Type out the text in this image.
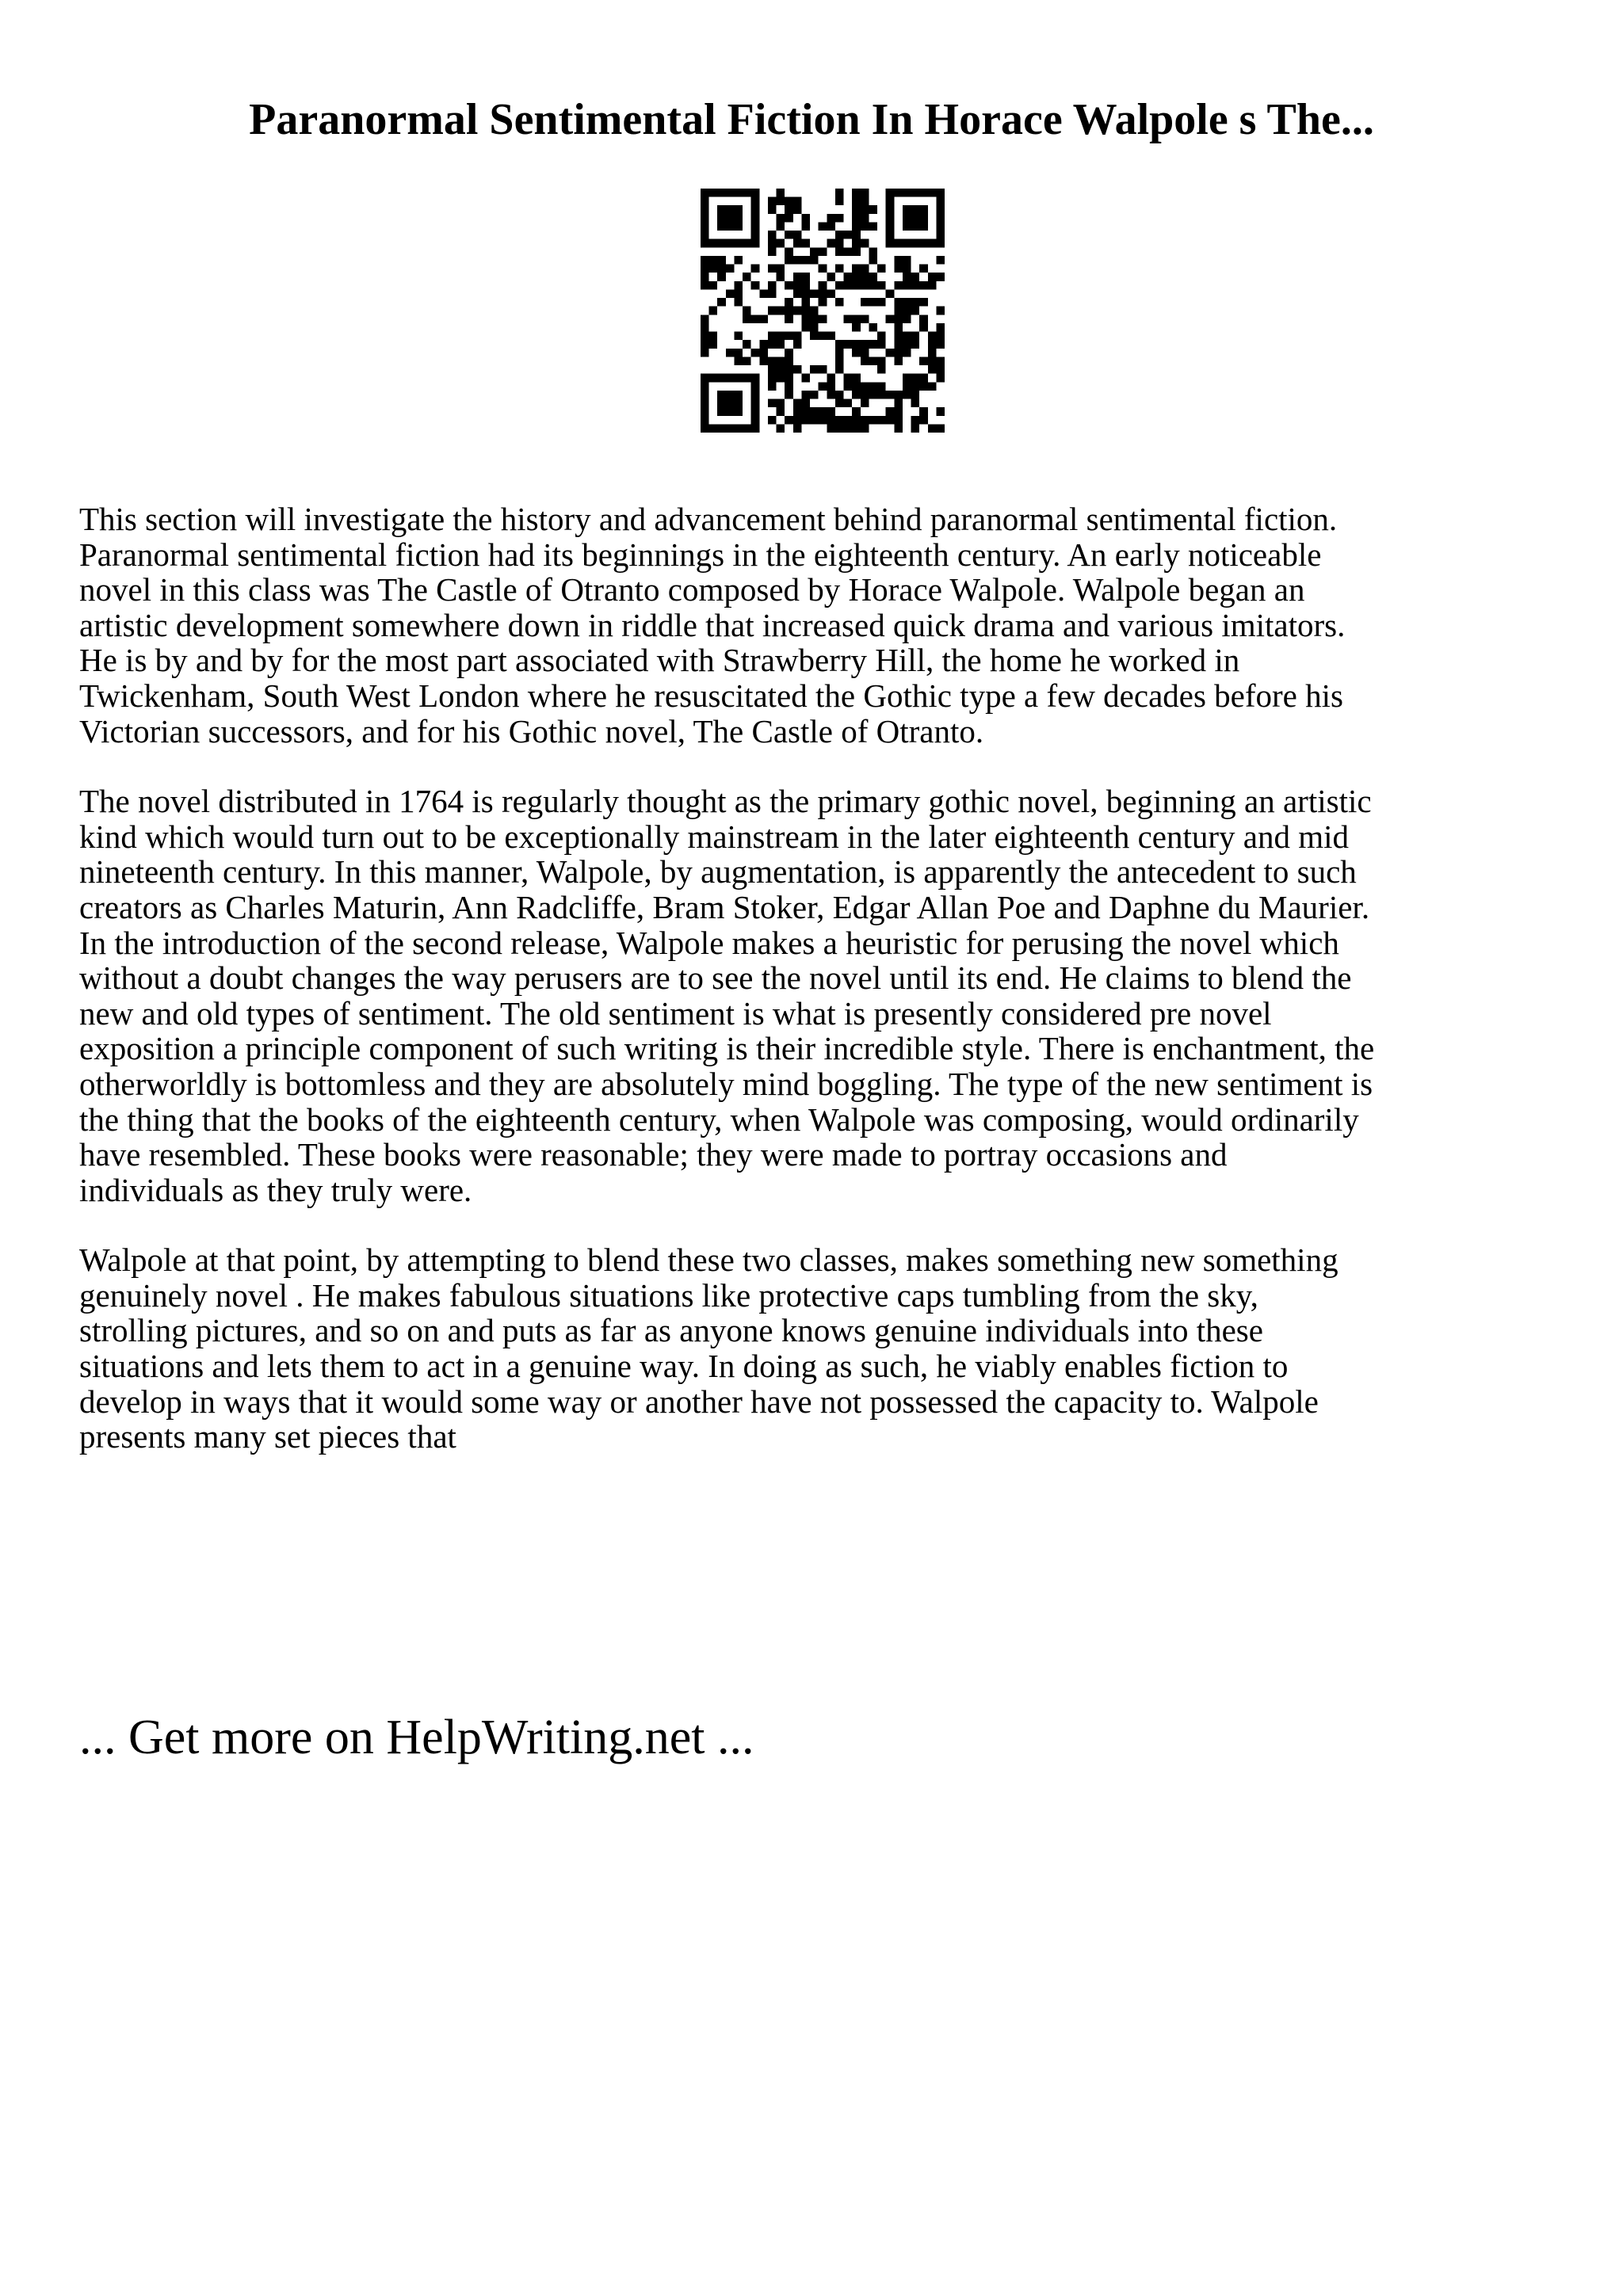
Paranormal Sentimental Fiction In Horace Walpole s The...

This section will investigate the history and advancement behind paranormal sentimental fiction.
Paranormal sentimental fiction had its beginnings in the eighteenth century. An early noticeable
novel in this class was The Castle of Otranto composed by Horace Walpole. Walpole began an
artistic development somewhere down in riddle that increased quick drama and various imitators.
He is by and by for the most part associated with Strawberry Hill, the home he worked in
Twickenham, South West London where he resuscitated the Gothic type a few decades before his
Victorian successors, and for his Gothic novel, The Castle of Otranto.

The novel distributed in 1764 is regularly thought as the primary gothic novel, beginning an artistic
kind which would turn out to be exceptionally mainstream in the later eighteenth century and mid
nineteenth century. In this manner, Walpole, by augmentation, is apparently the antecedent to such
creators as Charles Maturin, Ann Radcliffe, Bram Stoker, Edgar Allan Poe and Daphne du Maurier.
In the introduction of the second release, Walpole makes a heuristic for perusing the novel which
without a doubt changes the way perusers are to see the novel until its end. He claims to blend the
new and old types of sentiment. The old sentiment is what is presently considered pre novel
exposition a principle component of such writing is their incredible style. There is enchantment, the
otherworldly is bottomless and they are absolutely mind boggling. The type of the new sentiment is
the thing that the books of the eighteenth century, when Walpole was composing, would ordinarily
have resembled. These books were reasonable; they were made to portray occasions and
individuals as they truly were.

Walpole at that point, by attempting to blend these two classes, makes something new something
genuinely novel . He makes fabulous situations like protective caps tumbling from the sky,
strolling pictures, and so on and puts as far as anyone knows genuine individuals into these
situations and lets them to act in a genuine way. In doing as such, he viably enables fiction to
develop in ways that it would some way or another have not possessed the capacity to. Walpole
presents many set pieces that

... Get more on HelpWriting.net ...
